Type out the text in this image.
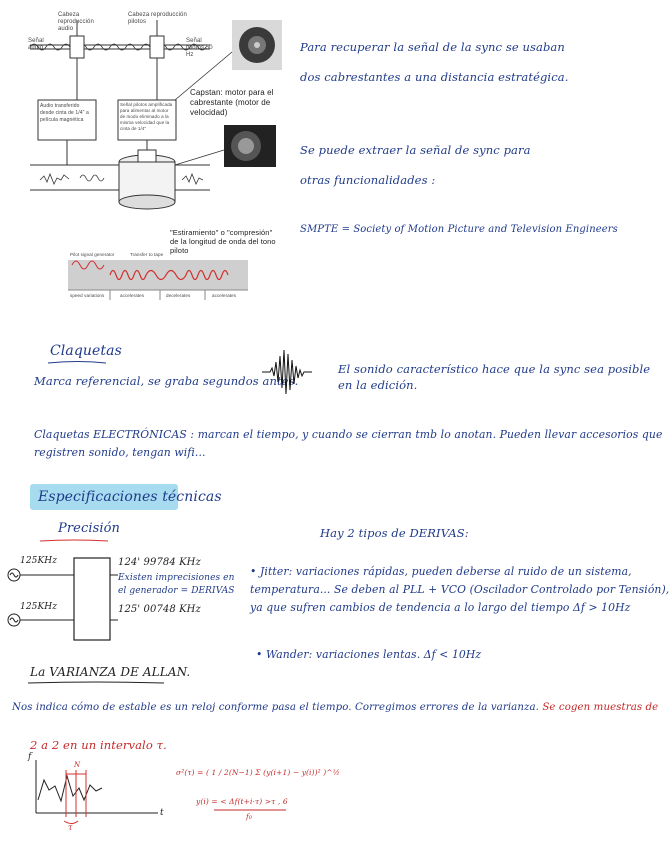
Cabeza reproducción audio
Cabeza reproducción pilotos
Señal audio
Señal pilotos 50 Hz
Audio transferido desde cinta de 1/4" a película magnética
Señal pilotos amplificada para alimentar al motor de modo eliminado a la misma velocidad que la cinta de 1/4"
Capstan: motor para el cabrestante (motor de velocidad)
"Estiramiento" o "compresión" de la longitud de onda del tono piloto
Pilot signal generator	Transfer to tape
speed variations	accelerates	decelerates	accelerates
Para recuperar la señal de la sync se usaban
dos cabrestantes a una distancia estratégica.
Se puede extraer la señal de sync para
otras funcionalidades :
SMPTE = Society of Motion Picture and Television Engineers
Claquetas
Marca referencial, se graba segundos antes.
El sonido característico hace que la sync sea posible
en la edición.
Claquetas ELECTRÓNICAS : marcan el tiempo, y cuando se cierran tmb lo anotan. Pueden llevar accesorios que
registren sonido, tengan wifi...
Especificaciones técnicas
Precisión
125KHz
125KHz
124' 99784 KHz
Existen imprecisiones en
el generador = DERIVAS
125' 00748 KHz
Hay 2 tipos de DERIVAS:
• Jitter: variaciones rápidas, pueden deberse al ruido de un sistema,
temperatura... Se deben al PLL + VCO (Oscilador Controlado por Tensión),
ya que sufren cambios de tendencia a lo largo del tiempo Δf > 10Hz
• Wander: variaciones lentas. Δf < 10Hz
La VARIANZA DE ALLAN.
Nos indica cómo de estable es un reloj conforme pasa el tiempo. Corregimos errores de la varianza. Se cogen muestras de
2 a 2 en un intervalo τ.
f
t
N
τ
σ²(τ) = ( 1 / 2(N−1) Σ (y(i+1) − y(i))² )^½
y(i) = < Δf(t+i·τ) >τ , 6
f₀
